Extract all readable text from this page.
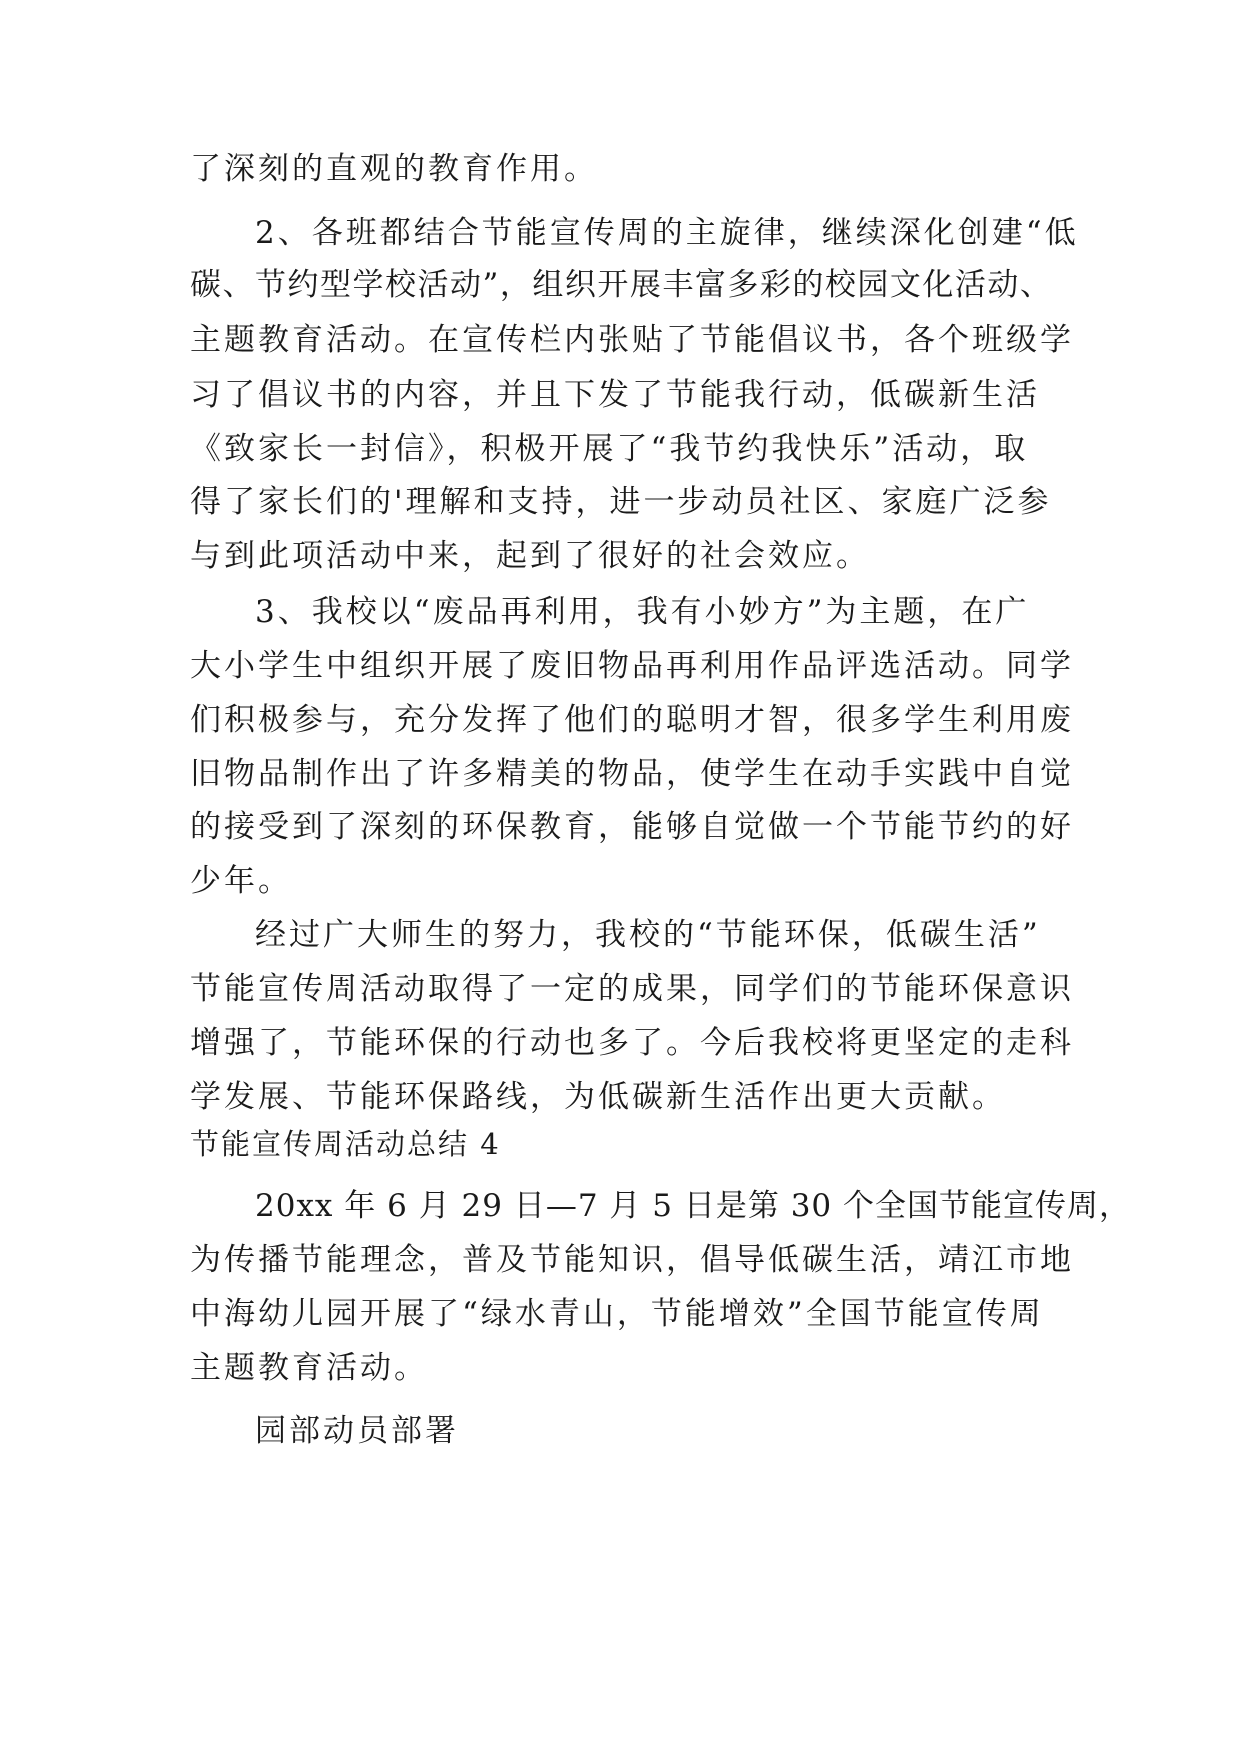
了深刻的直观的教育作用。
2、各班都结合节能宣传周的主旋律，继续深化创建“低
碳、节约型学校活动”，组织开展丰富多彩的校园文化活动、
主题教育活动。在宣传栏内张贴了节能倡议书，各个班级学
习了倡议书的内容，并且下发了节能我行动，低碳新生活
《致家长一封信》，积极开展了“我节约我快乐”活动，取
得了家长们的'理解和支持，进一步动员社区、家庭广泛参
与到此项活动中来，起到了很好的社会效应。
3、我校以“废品再利用，我有小妙方”为主题，在广
大小学生中组织开展了废旧物品再利用作品评选活动。同学
们积极参与，充分发挥了他们的聪明才智，很多学生利用废
旧物品制作出了许多精美的物品，使学生在动手实践中自觉
的接受到了深刻的环保教育，能够自觉做一个节能节约的好
少年。
经过广大师生的努力，我校的“节能环保，低碳生活”
节能宣传周活动取得了一定的成果，同学们的节能环保意识
增强了，节能环保的行动也多了。今后我校将更坚定的走科
学发展、节能环保路线，为低碳新生活作出更大贡献。
节能宣传周活动总结 4
20xx 年 6 月 29 日—7 月 5 日是第 30 个全国节能宣传周，
为传播节能理念，普及节能知识，倡导低碳生活，靖江市地
中海幼儿园开展了“绿水青山，节能增效”全国节能宣传周
主题教育活动。
园部动员部署
